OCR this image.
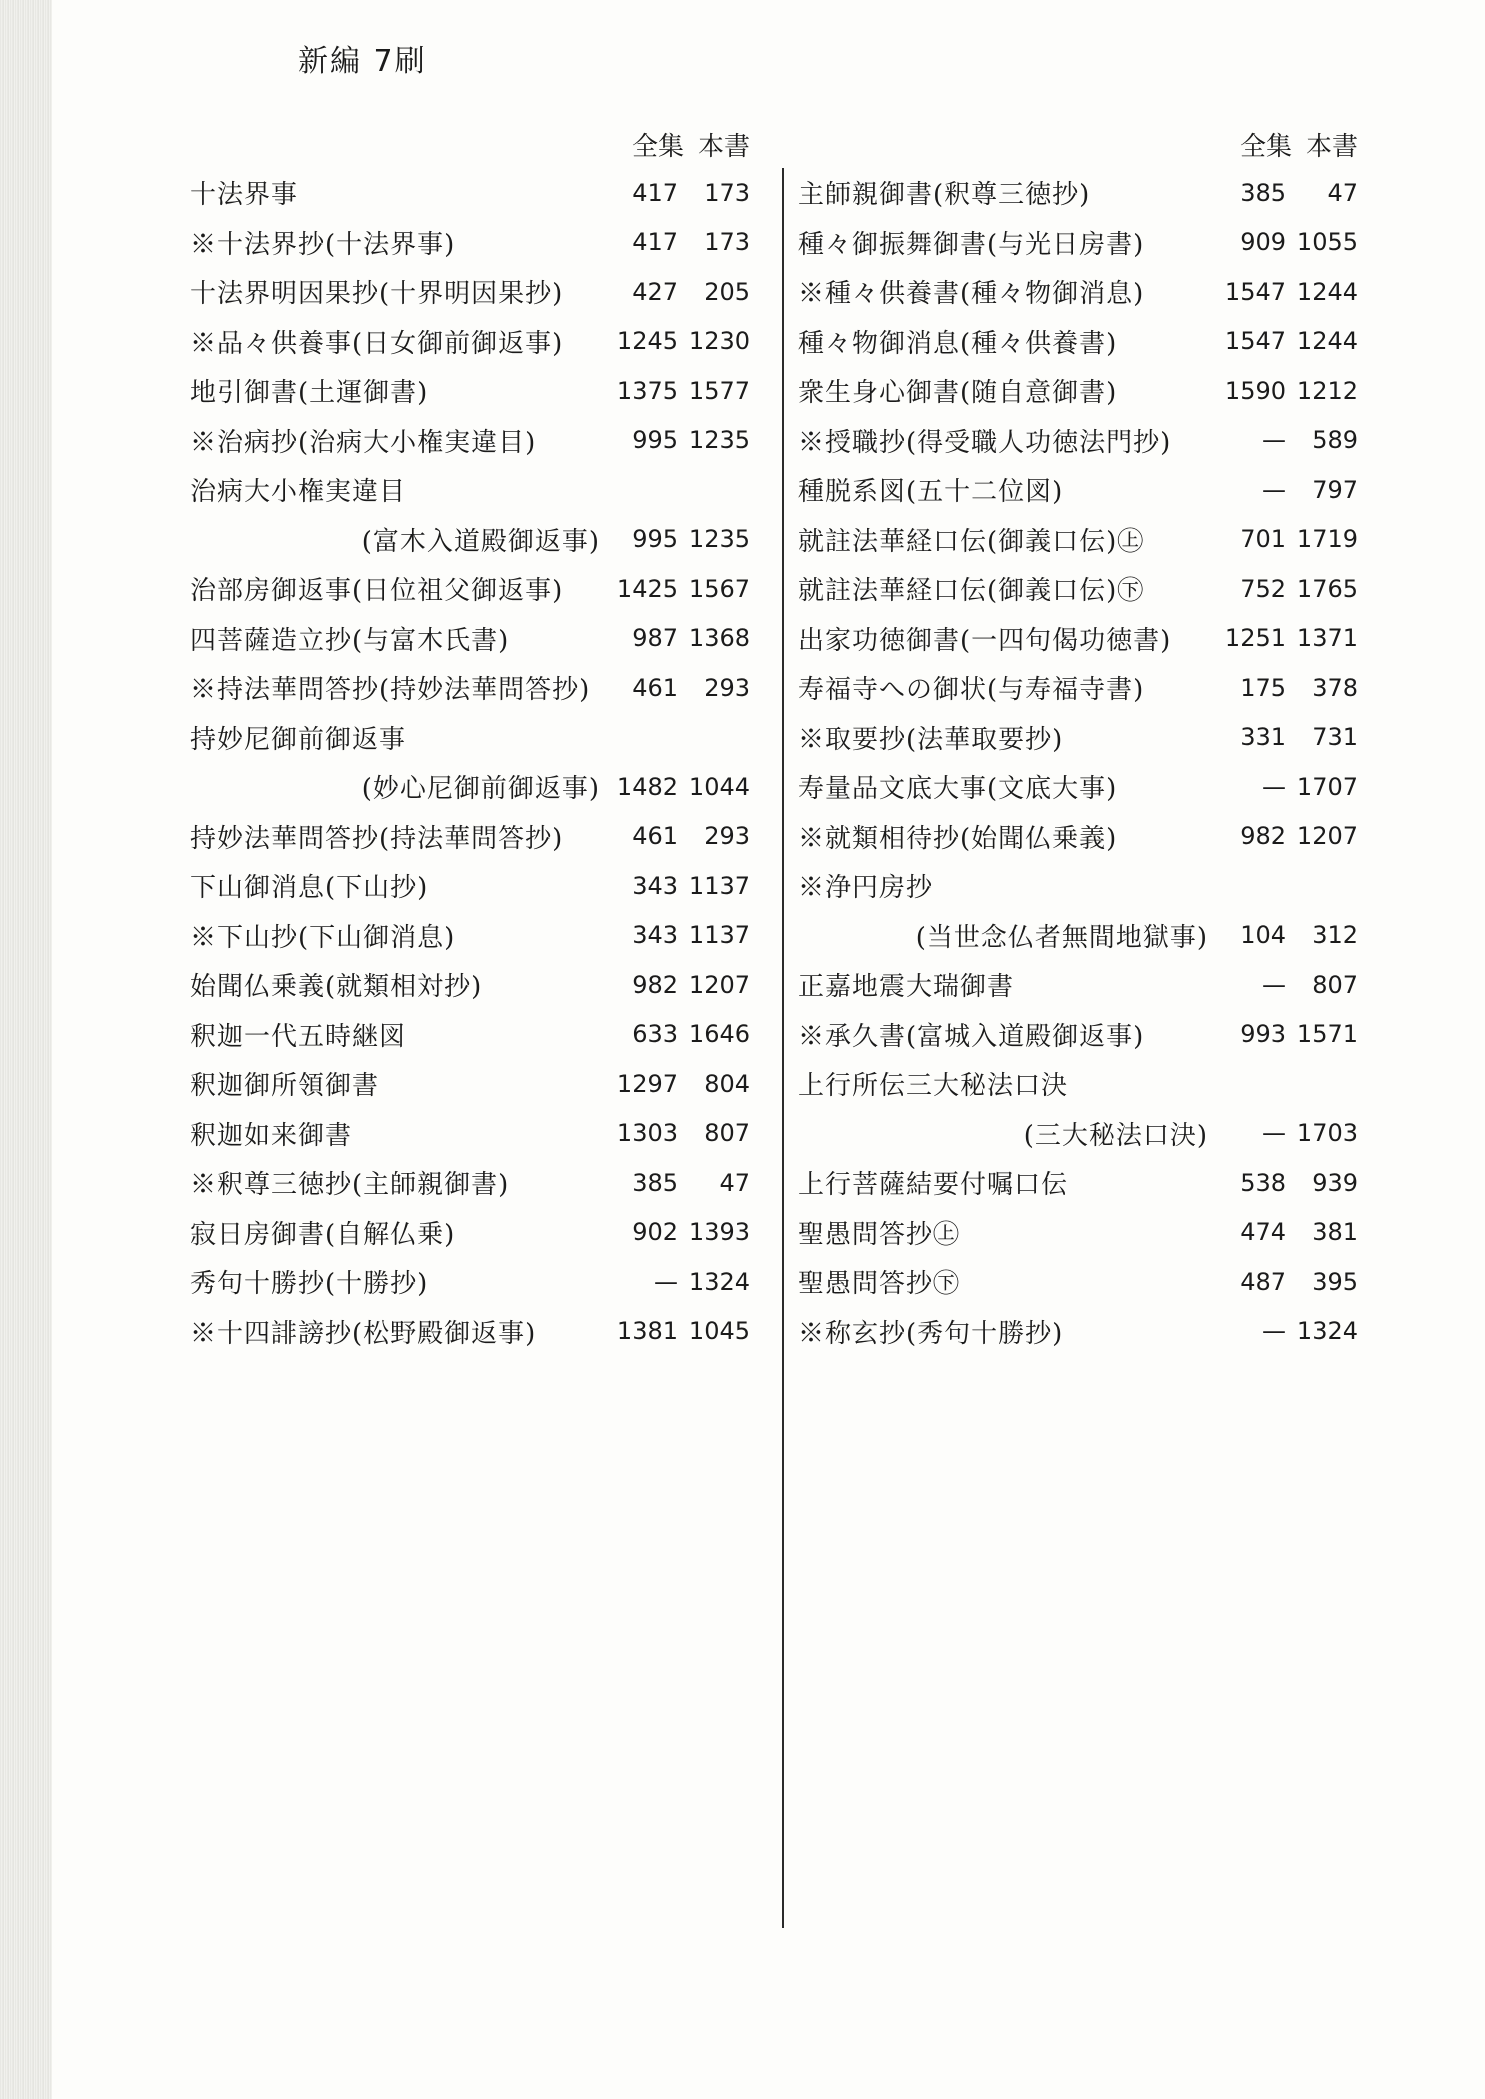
新編 7刷
全集 本書
十法界事	417	173
※十法界抄(十法界事)	417	173
十法界明因果抄(十界明因果抄)	427	205
※品々供養事(日女御前御返事)	1245 1230
地引御書(土運御書)	1375 1577
※治病抄(治病大小権実違目)	995 1235
治病大小権実違目
(富木入道殿御返事)	995 1235
治部房御返事(日位祖父御返事)	1425 1567
四菩薩造立抄(与富木氏書)	987 1368
※持法華問答抄(持妙法華問答抄)	461	293
持妙尼御前御返事
(妙心尼御前御返事) 1482 1044
持妙法華問答抄(持法華問答抄)	461	293
下山御消息(下山抄)	343 1137
※下山抄(下山御消息)	343 1137
始聞仏乗義(就類相対抄)	982 1207
釈迦一代五時継図	633 1646
釈迦御所領御書	1297	804
釈迦如来御書	1303	807
※釈尊三徳抄(主師親御書)	385	47
寂日房御書(自解仏乗)	902 1393
秀句十勝抄(十勝抄)	— 1324
※十四誹謗抄(松野殿御返事)	1381 1045
全集 本書
主師親御書(釈尊三徳抄)	385	47
種々御振舞御書(与光日房書)	909 1055
※種々供養書(種々物御消息)	1547 1244
種々物御消息(種々供養書)	1547 1244
衆生身心御書(随自意御書)	1590 1212
※授職抄(得受職人功徳法門抄)	—	589
種脱系図(五十二位図)	—	797
就註法華経口伝(御義口伝)㊤	701 1719
就註法華経口伝(御義口伝)㊦	752 1765
出家功徳御書(一四句偈功徳書)	1251 1371
寿福寺への御状(与寿福寺書)	175	378
※取要抄(法華取要抄)	331	731
寿量品文底大事(文底大事)	— 1707
※就類相待抄(始聞仏乗義)	982 1207
※浄円房抄
(当世念仏者無間地獄事)	104	312
正嘉地震大瑞御書	—	807
※承久書(富城入道殿御返事)	993 1571
上行所伝三大秘法口決
(三大秘法口決)	— 1703
上行菩薩結要付嘱口伝	538	939
聖愚問答抄㊤	474	381
聖愚問答抄㊦	487	395
※称玄抄(秀句十勝抄)	— 1324
